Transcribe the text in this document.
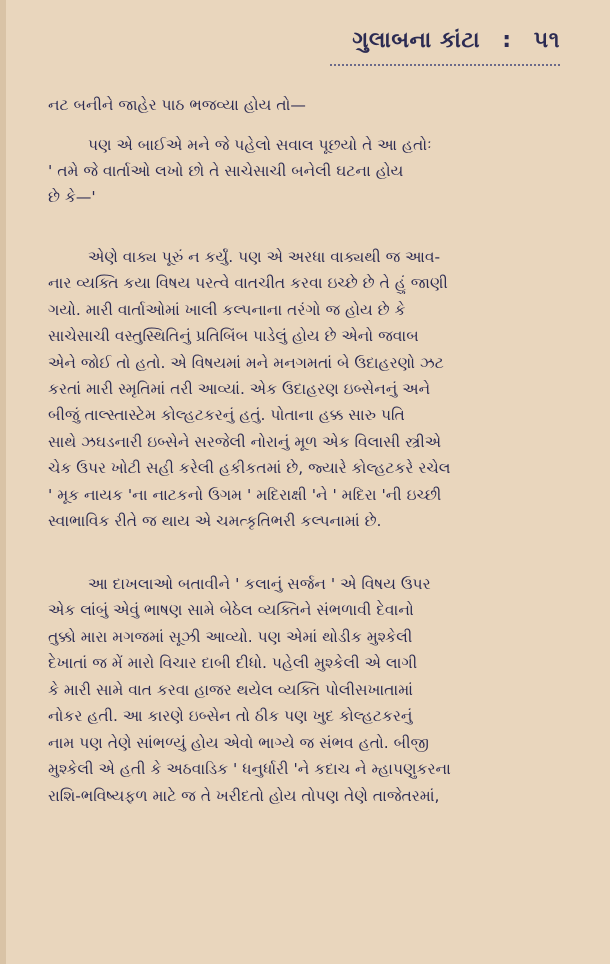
ગુલાબના કાંટા : ૫૧
નટ બનીને જાહેર પાઠ ભજવ્યા હોય તો—
પણ એ બાઈએ મને જે પહેલો સવાલ પૂછયો તે આ હતોઃ
' તમે જે વાર્તાઓ લખો છો તે સાચેસાચી બનેલી ઘટના હોય
છે કે—'
એણે વાક્ય પૂરું ન કર્યું. પણ એ અરધા વાક્યથી જ આવ-
નાર વ્યક્તિ કયા વિષય પરત્વે વાતચીત કરવા ઇચ્છે છે તે હું જાણી
ગયો. મારી વાર્તાઓમાં ખાલી કલ્પનાના તરંગો જ હોય છે કે
સાચેસાચી વસ્તુસ્થિતિનું પ્રતિબિંબ પાડેલું હોય છે એનો જવાબ
એને જોઈ તો હતો. એ વિષયમાં મને મનગમતાં બે ઉદાહરણો ઝટ
કરતાં મારી સ્મૃતિમાં તરી આવ્યાં. એક ઉદાહરણ ઇબ્સેનનું અને
બીજું તાલ્સ્તાસ્ટેમ કોલ્હટકરનું હતું. પોતાના હક્ક સારુ પતિ
સાથે ઝઘડનારી ઇબ્સેને સરજેલી નોરાનું મૂળ એક વિલાસી સ્ત્રીએ
ચેક ઉપર ખોટી સહી કરેલી હકીકતમાં છે, જ્યારે કોલ્હટકરે રચેલ
' મૂક નાયક 'ના નાટકનો ઉગમ ' મદિરાક્ષી 'ને ' મદિરા 'ની ઇચ્છી
સ્વાભાવિક રીતે જ થાય એ ચમત્કૃતિભરી કલ્પનામાં છે.
આ દાખલાઓ બતાવીને ' કલાનું સર્જન ' એ વિષય ઉપર
એક લાંબું એવું ભાષણ સામે બેઠેલ વ્યક્તિને સંભળાવી દેવાનો
તુક્કો મારા મગજમાં સૂઝી આવ્યો. પણ એમાં થોડીક મુશ્કેલી
દેખાતાં જ મેં મારો વિચાર દાબી દીધો. પહેલી મુશ્કેલી એ લાગી
કે મારી સામે વાત કરવા હાજર થયેલ વ્યક્તિ પોલીસખાતામાં
નોકર હતી. આ કારણે ઇબ્સેન તો ઠીક પણ ખુદ કોલ્હટકરનું
નામ પણ તેણે સાંભળ્યું હોય એવો ભાગ્યે જ સંભવ હતો. બીજી
મુશ્કેલી એ હતી કે અઠવાડિક ' ધનુર્ધારી 'ને કદાચ ને મ્હાપણુકરના
રાશિ-ભવિષ્યફળ માટે જ તે ખરીદતો હોય તોપણ તેણે તાજેતરમાં,
